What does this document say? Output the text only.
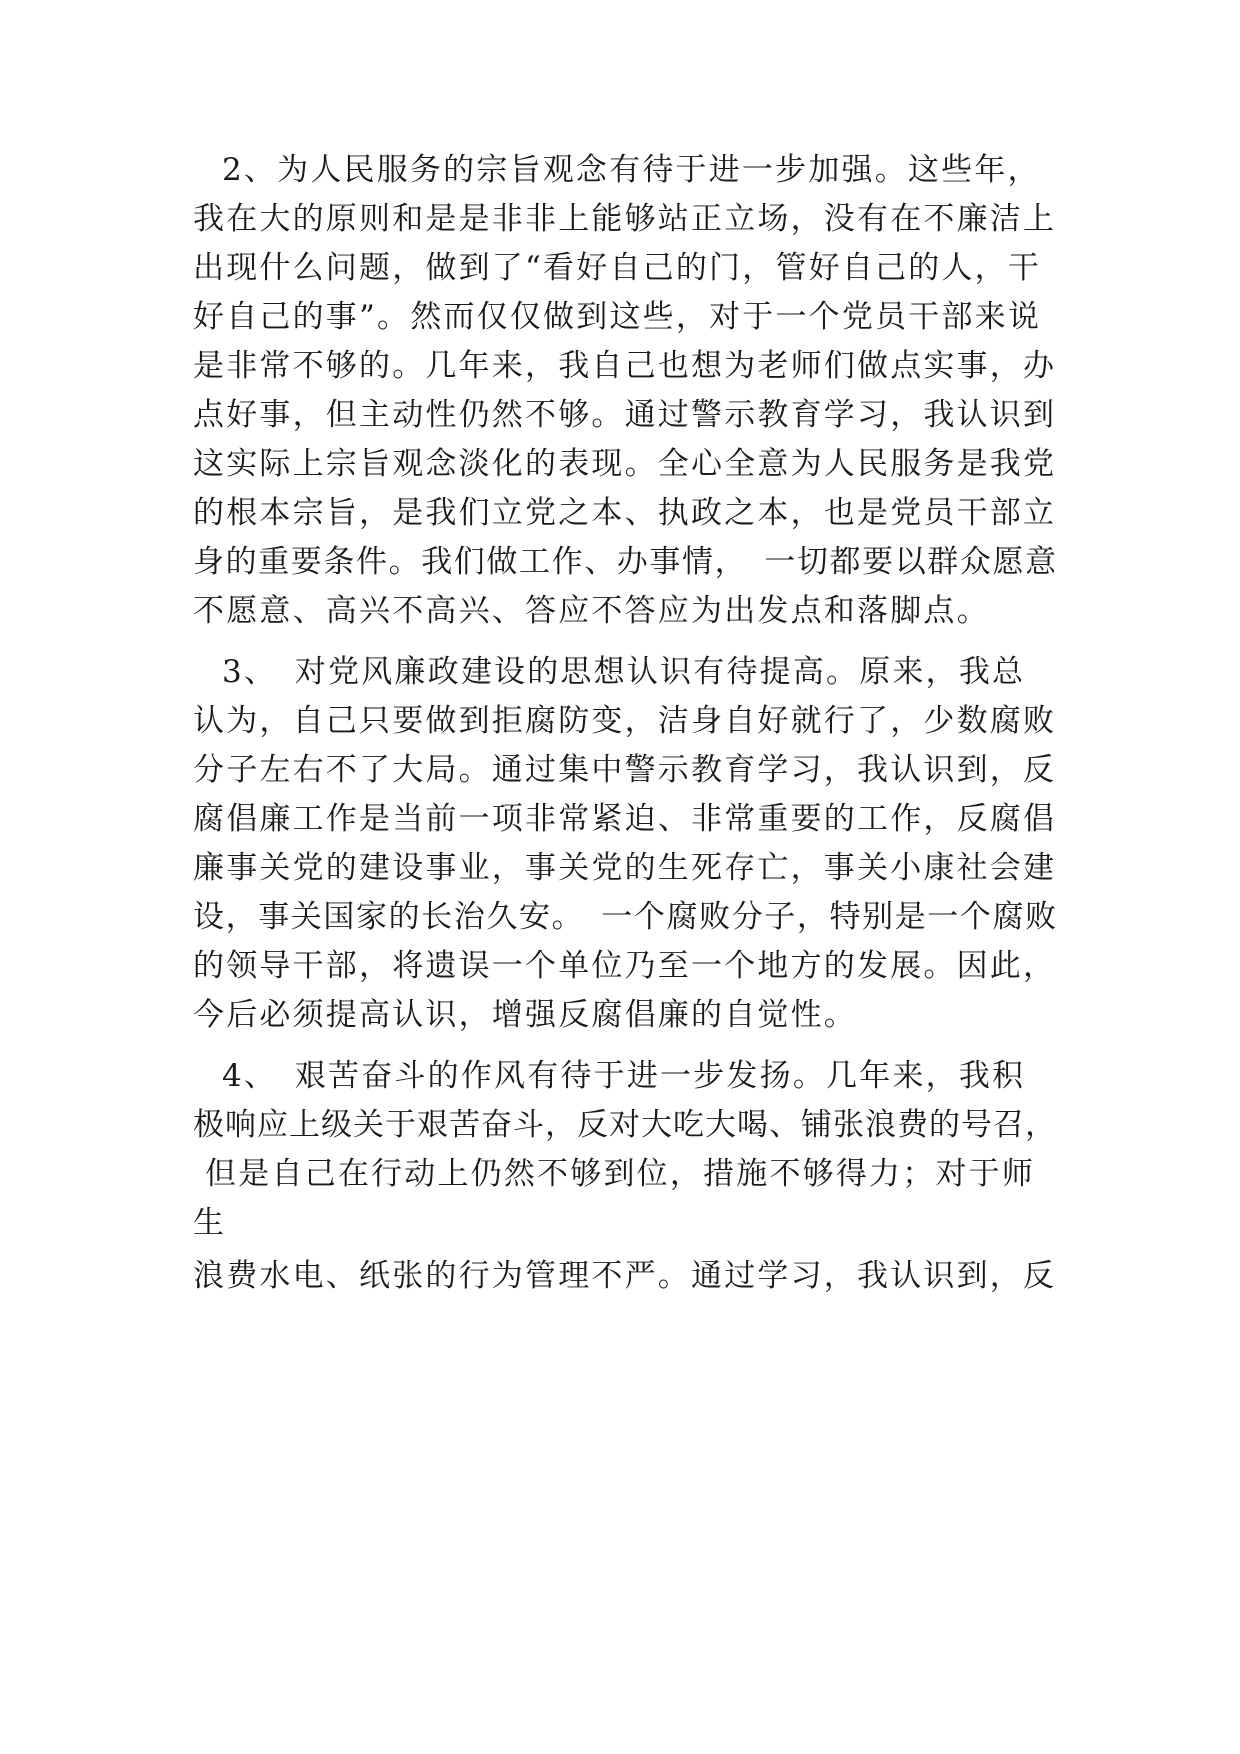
2、为人民服务的宗旨观念有待于进一步加强。这些年，
我在大的原则和是是非非上能够站正立场，没有在不廉洁上
出现什么问题，做到了“看好自己的门，管好自己的人，干
好自己的事”。然而仅仅做到这些，对于一个党员干部来说
是非常不够的。几年来，我自己也想为老师们做点实事，办
点好事，但主动性仍然不够。通过警示教育学习，我认识到
这实际上宗旨观念淡化的表现。全心全意为人民服务是我党
的根本宗旨，是我们立党之本、执政之本，也是党员干部立
身的重要条件。我们做工作、办事情，　一切都要以群众愿意
不愿意、高兴不高兴、答应不答应为出发点和落脚点。
3、　对党风廉政建设的思想认识有待提高。原来，我总
认为，自己只要做到拒腐防变，洁身自好就行了，少数腐败
分子左右不了大局。通过集中警示教育学习，我认识到，反
腐倡廉工作是当前一项非常紧迫、非常重要的工作，反腐倡
廉事关党的建设事业，事关党的生死存亡，事关小康社会建
设，事关国家的长治久安。　一个腐败分子，特别是一个腐败
的领导干部，将遗误一个单位乃至一个地方的发展。因此，
今后必须提高认识，增强反腐倡廉的自觉性。
4、　艰苦奋斗的作风有待于进一步发扬。几年来，我积
极响应上级关于艰苦奋斗，反对大吃大喝、铺张浪费的号召，
但是自己在行动上仍然不够到位，措施不够得力；对于师
生
浪费水电、纸张的行为管理不严。通过学习，我认识到，反
